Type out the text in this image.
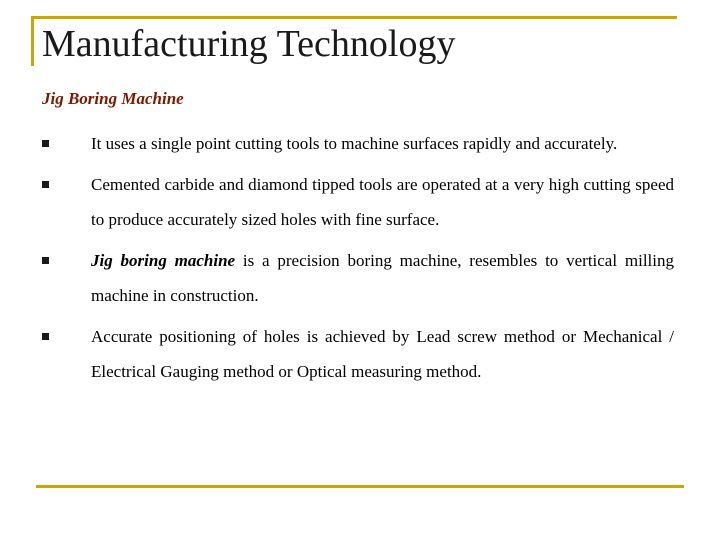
Manufacturing Technology
Jig Boring Machine
It uses a single point cutting tools to machine surfaces rapidly and accurately.
Cemented carbide and diamond tipped tools are operated at a very high cutting speed to produce accurately sized holes with fine surface.
Jig boring machine is a precision boring machine, resembles to vertical milling machine in construction.
Accurate positioning of holes is achieved by Lead screw method or Mechanical / Electrical Gauging method or Optical measuring method.
